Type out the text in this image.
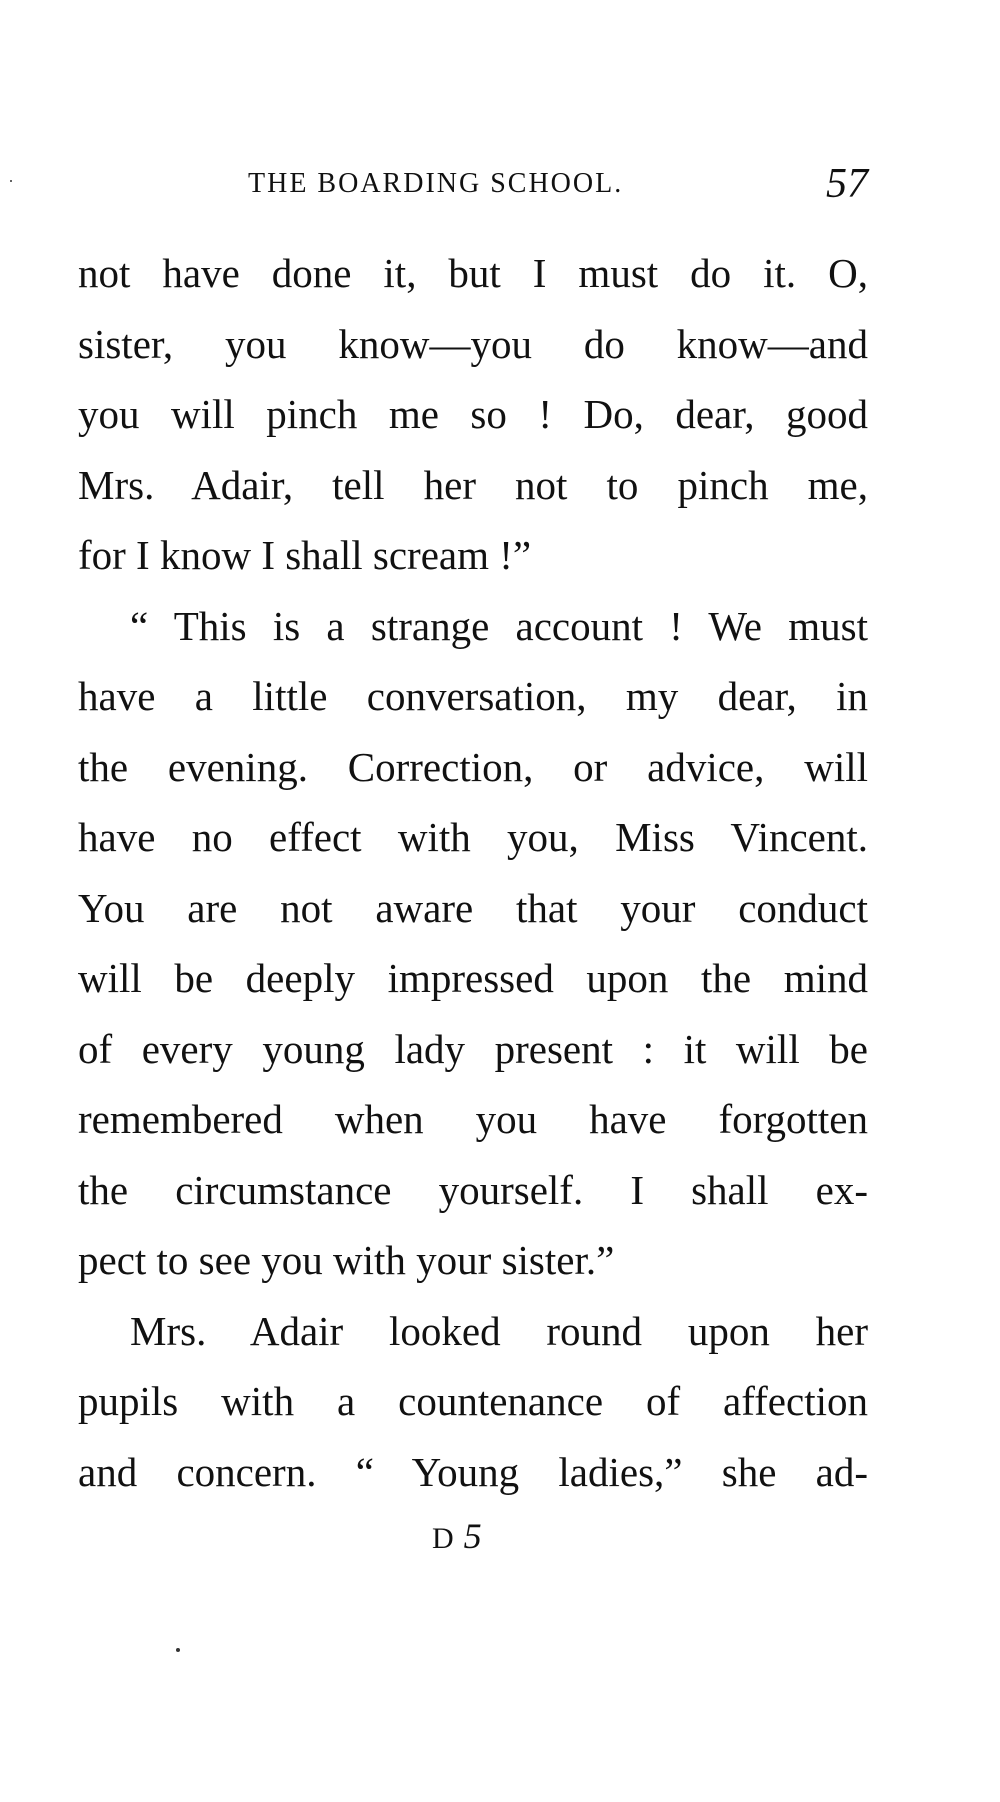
THE BOARDING SCHOOL.	57
not have done it, but I must do it. O,
sister, you know—you do know—and
you will pinch me so ! Do, dear, good
Mrs. Adair, tell her not to pinch me,
for I know I shall scream !”
“ This is a strange account ! We must
have a little conversation, my dear, in
the evening. Correction, or advice, will
have no effect with you, Miss Vincent.
You are not aware that your conduct
will be deeply impressed upon the mind
of every young lady present : it will be
remembered when you have forgotten
the circumstance yourself. I shall ex-
pect to see you with your sister.”
Mrs. Adair looked round upon her
pupils with a countenance of affection
and concern. “ Young ladies,” she ad-
D5
